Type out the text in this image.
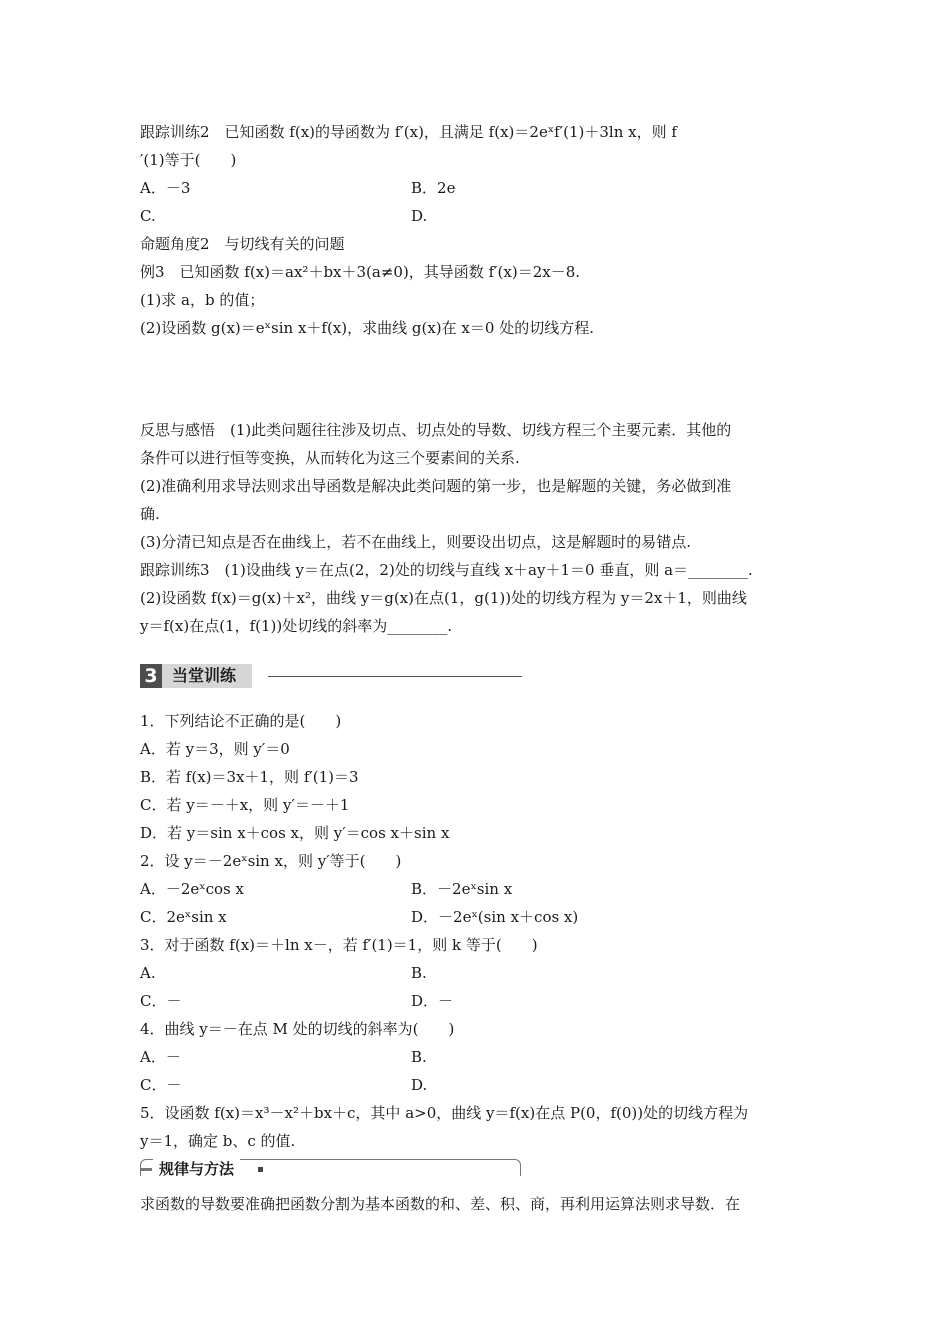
跟踪训练2　已知函数 f(x)的导函数为 f′(x)，且满足 f(x)＝2eˣf′(1)＋3ln x，则 f
′(1)等于(　　)
A．－3	B．2e
C.	D.
命题角度2　与切线有关的问题
例3　已知函数 f(x)＝ax²＋bx＋3(a≠0)，其导函数 f′(x)＝2x－8.
(1)求 a，b 的值；
(2)设函数 g(x)＝eˣsin x＋f(x)，求曲线 g(x)在 x＝0 处的切线方程.
反思与感悟　(1)此类问题往往涉及切点、切点处的导数、切线方程三个主要元素．其他的
条件可以进行恒等变换，从而转化为这三个要素间的关系.
(2)准确利用求导法则求出导函数是解决此类问题的第一步，也是解题的关键，务必做到准
确.
(3)分清已知点是否在曲线上，若不在曲线上，则要设出切点，这是解题时的易错点.
跟踪训练3　(1)设曲线 y＝在点(2，2)处的切线与直线 x＋ay＋1＝0 垂直，则 a＝________.
(2)设函数 f(x)＝g(x)＋x²，曲线 y＝g(x)在点(1，g(1))处的切线方程为 y＝2x＋1，则曲线
y＝f(x)在点(1，f(1))处切线的斜率为________.
3 当堂训练
1．下列结论不正确的是(　　)
A．若 y＝3，则 y′＝0
B．若 f(x)＝3x＋1，则 f′(1)＝3
C．若 y＝－＋x，则 y′＝－＋1
D．若 y＝sin x＋cos x，则 y′＝cos x＋sin x
2．设 y＝－2eˣsin x，则 y′等于(　　)
A．－2eˣcos x	B．－2eˣsin x
C．2eˣsin x	D．－2eˣ(sin x＋cos x)
3．对于函数 f(x)＝＋ln x－，若 f′(1)＝1，则 k 等于(　　)
A.	B.
C．－	D．－
4．曲线 y＝－在点 M 处的切线的斜率为(　　)
A．－	B.
C．－	D.
5．设函数 f(x)＝x³－x²＋bx＋c，其中 a>0，曲线 y＝f(x)在点 P(0，f(0))处的切线方程为
y＝1，确定 b、c 的值.
规律与方法
求函数的导数要准确把函数分割为基本函数的和、差、积、商，再利用运算法则求导数．在
